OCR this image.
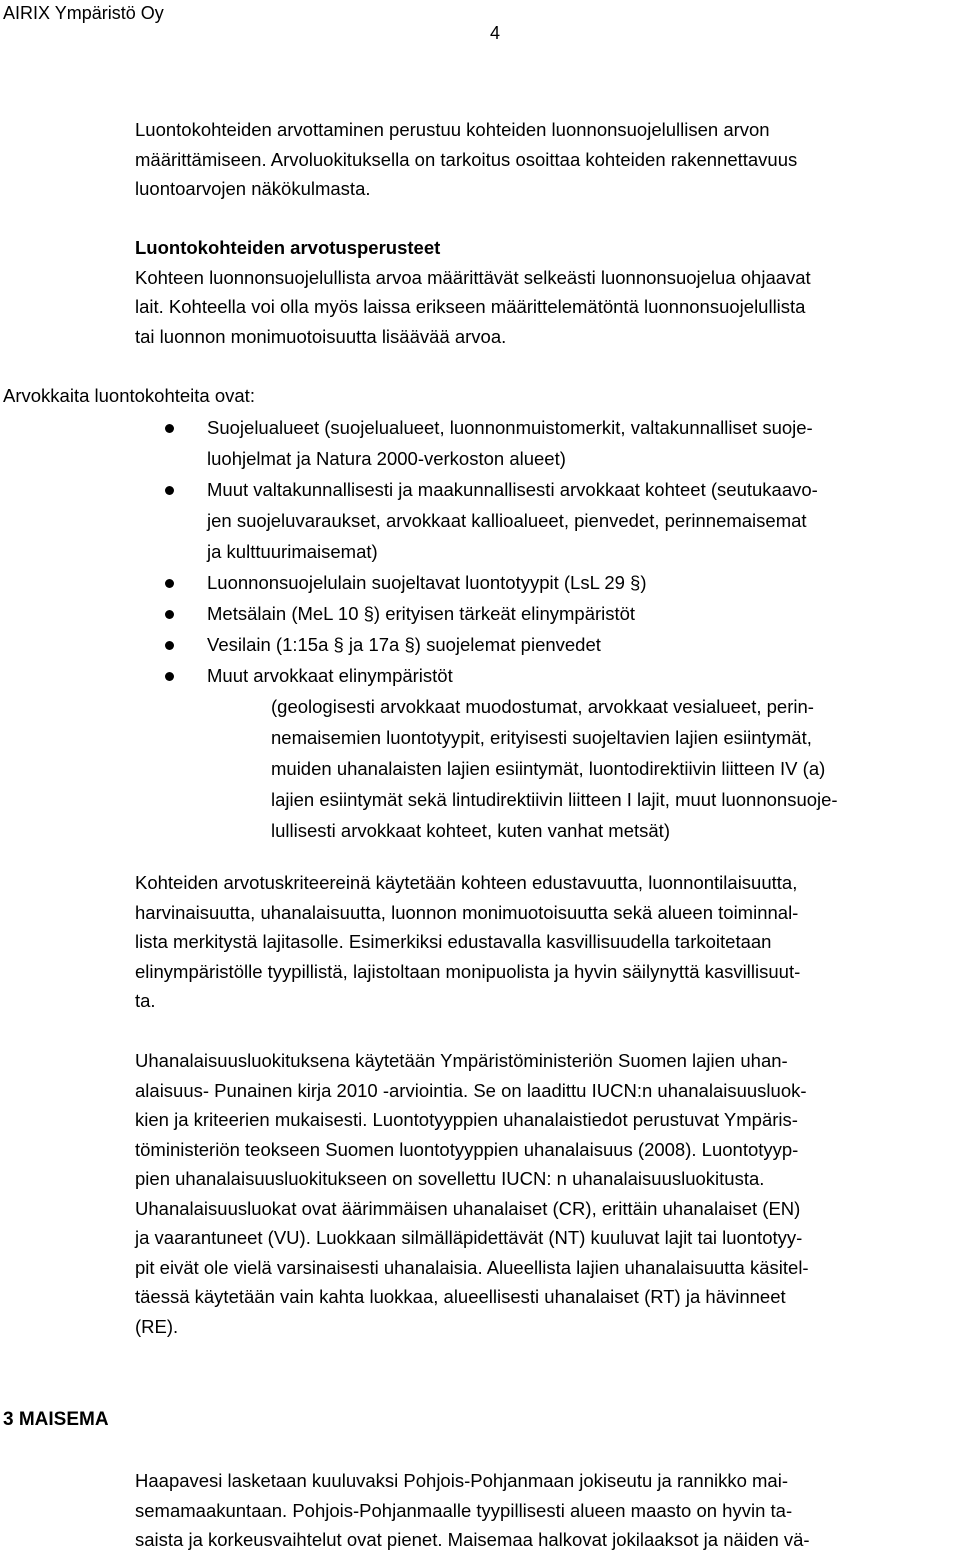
AIRIX Ympäristö Oy
4
Luontokohteiden arvottaminen perustuu kohteiden luonnonsuojelullisen arvon
määrittämiseen. Arvoluokituksella on tarkoitus osoittaa kohteiden rakennettavuus
luontoarvojen näkökulmasta.
Luontokohteiden arvotusperusteet
Kohteen luonnonsuojelullista arvoa määrittävät selkeästi luonnonsuojelua ohjaavat
lait. Kohteella voi olla myös laissa erikseen määrittelemätöntä luonnonsuojelullista
tai luonnon monimuotoisuutta lisäävää arvoa.
Arvokkaita luontokohteita ovat:
Suojelualueet (suojelualueet, luonnonmuistomerkit, valtakunnalliset suoje-
luohjelmat ja Natura 2000-verkoston alueet)
Muut valtakunnallisesti ja maakunnallisesti arvokkaat kohteet (seutukaavo-
jen suojeluvaraukset, arvokkaat kallioalueet, pienvedet, perinnemaisemat
ja kulttuurimaisemat)
Luonnonsuojelulain suojeltavat luontotyypit (LsL 29 §)
Metsälain (MeL 10 §) erityisen tärkeät elinympäristöt
Vesilain (1:15a § ja 17a §) suojelemat pienvedet
Muut arvokkaat elinympäristöt
(geologisesti arvokkaat muodostumat, arvokkaat vesialueet, perin-
nemaisemien luontotyypit, erityisesti suojeltavien lajien esiintymät,
muiden uhanalaisten lajien esiintymät, luontodirektiivin liitteen IV (a)
lajien esiintymät sekä lintudirektiivin liitteen I lajit, muut luonnonsuoje-
lullisesti arvokkaat kohteet, kuten vanhat metsät)
Kohteiden arvotuskriteereinä käytetään kohteen edustavuutta, luonnontilaisuutta,
harvinaisuutta, uhanalaisuutta, luonnon monimuotoisuutta sekä alueen toiminnal-
lista merkitystä lajitasolle. Esimerkiksi edustavalla kasvillisuudella tarkoitetaan
elinympäristölle tyypillistä, lajistoltaan monipuolista ja hyvin säilynyttä kasvillisuut-
ta.
Uhanalaisuusluokituksena käytetään Ympäristöministeriön Suomen lajien uhan-
alaisuus- Punainen kirja 2010 -arviointia. Se on laadittu IUCN:n uhanalaisuusluok-
kien ja kriteerien mukaisesti. Luontotyyppien uhanalaistiedot perustuvat Ympäris-
töministeriön teokseen Suomen luontotyyppien uhanalaisuus (2008). Luontotyyp-
pien uhanalaisuusluokitukseen on sovellettu IUCN: n uhanalaisuusluokitusta.
Uhanalaisuusluokat ovat äärimmäisen uhanalaiset (CR), erittäin uhanalaiset (EN)
ja vaarantuneet (VU). Luokkaan silmälläpidettävät (NT) kuuluvat lajit tai luontotyy-
pit eivät ole vielä varsinaisesti uhanalaisia. Alueellista lajien uhanalaisuutta käsitel-
täessä käytetään vain kahta luokkaa, alueellisesti uhanalaiset (RT) ja hävinneet
(RE).
3 MAISEMA
Haapavesi lasketaan kuuluvaksi Pohjois-Pohjanmaan jokiseutu ja rannikko mai-
semamaakuntaan. Pohjois-Pohjanmaalle tyypillisesti alueen maasto on hyvin ta-
saista ja korkeusvaihtelut ovat pienet. Maisemaa halkovat jokilaaksot ja näiden vä-
